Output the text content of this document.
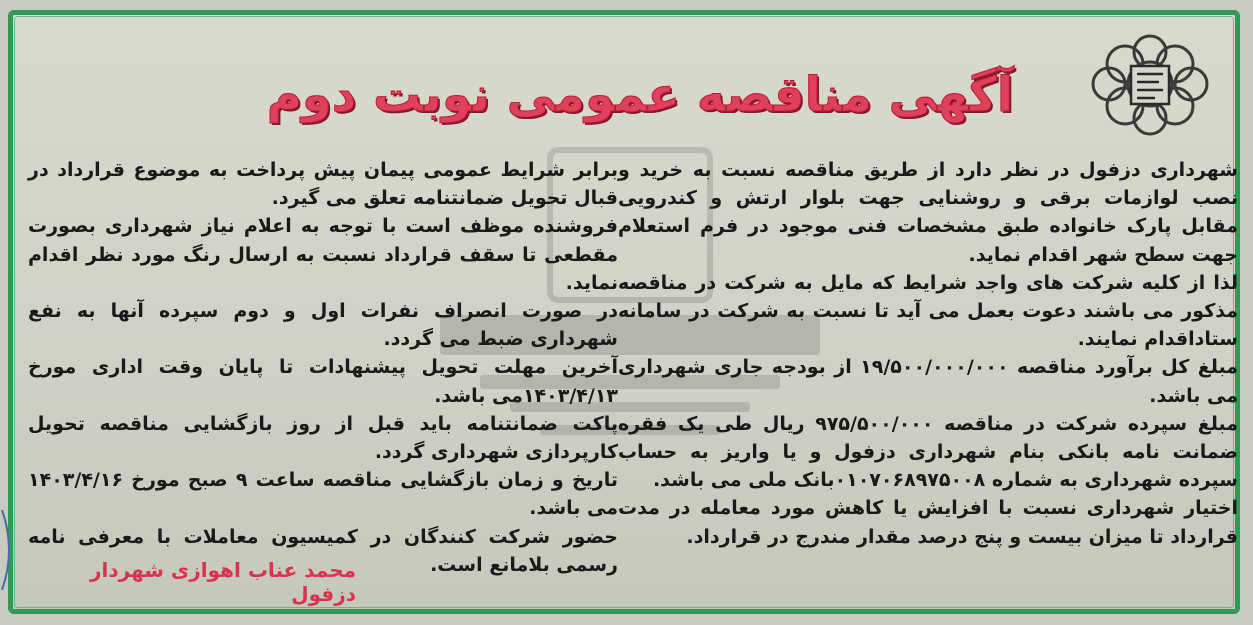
آگهی مناقصه عمومی نوبت دوم

شهرداری دزفول در نظر دارد از طریق مناقصه نسبت به خرید و نصب لوازمات برقی و روشنایی جهت بلوار ارتش و کندرویی مقابل پارک خانواده طبق مشخصات فنی موجود در فرم استعلام جهت سطح شهر اقدام نماید.

لذا از کلیه شرکت های واجد شرایط که مایل به شرکت در مناقصه مذکور می باشند دعوت بعمل می آید تا نسبت به شرکت در سامانه ستاداقدام نمایند.

مبلغ کل برآورد مناقصه ۱۹/۵۰۰/۰۰۰/۰۰۰ از بودجه جاری شهرداری می باشد.

مبلغ سپرده شرکت در مناقصه ۹۷۵/۵۰۰/۰۰۰ ریال طی یک فقره ضمانت نامه بانکی بنام شهرداری دزفول و یا واریز به حساب سپرده شهرداری به شماره ۰۱۰۷۰۶۸۹۷۵۰۰۸بانک ملی می باشد.

اختیار شهرداری نسبت با افزایش یا کاهش مورد معامله در مدت قرارداد تا میزان بیست و پنج درصد مقدار مندرج در قرارداد.

برابر شرایط عمومی پیمان پیش پرداخت به موضوع قرارداد در قبال تحویل ضمانتنامه تعلق می گیرد.

فروشنده موظف است با توجه به اعلام نیاز شهرداری بصورت مقطعی تا سقف قرارداد نسبت به ارسال رنگ مورد نظر اقدام نماید.

در صورت انصراف نفرات اول و دوم سپرده آنها به نفع شهرداری ضبط می گردد.

آخرین مهلت تحویل پیشنهادات تا پایان وقت اداری مورخ ۱۴۰۳/۴/۱۳می باشد.

پاکت ضمانتنامه باید قبل از روز بازگشایی مناقصه تحویل کارپردازی شهرداری گردد.

تاریخ و زمان بازگشایی مناقصه ساعت ۹ صبح مورخ ۱۴۰۳/۴/۱۶ می باشد.

حضور شرکت کنندگان در کمیسیون معاملات با معرفی نامه رسمی بلامانع است.

محمد عناب اهوازی شهردار دزفول
